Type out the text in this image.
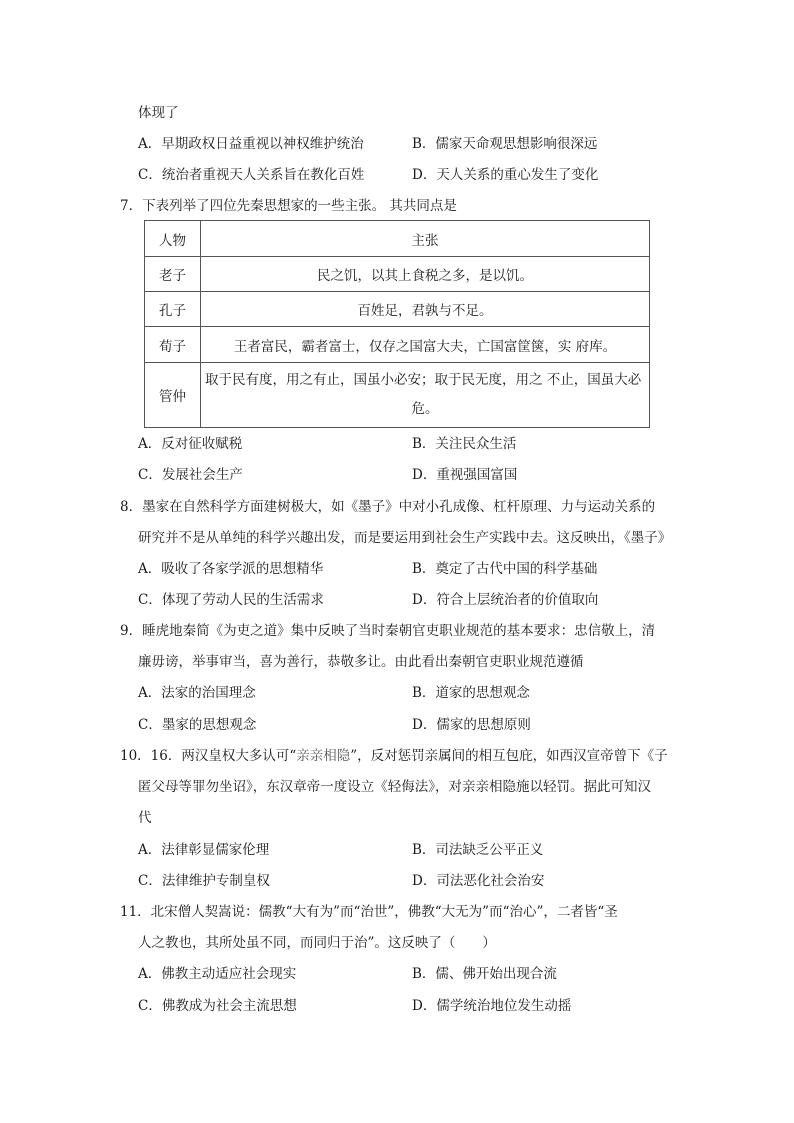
体现了
A．早期政权日益重视以神权维护统治	B．儒家天命观思想影响很深远
C．统治者重视天人关系旨在教化百姓	D．天人关系的重心发生了变化
7．下表列举了四位先秦思想家的一些主张。 其共同点是
人物	主张
老子	民之饥，以其上食税之多，是以饥。
孔子	百姓足，君孰与不足。
荀子	王者富民，霸者富士，仅存之国富大夫，亡国富筐箧，实 府库。
管仲	取于民有度，用之有止，国虽小必安；取于民无度，用之 不止，国虽大必
危。
A．反对征收赋税	B．关注民众生活
C．发展社会生产	D．重视强国富国
8．墨家在自然科学方面建树极大，如《墨子》中对小孔成像、杠杆原理、力与运动关系的
研究并不是从单纯的科学兴趣出发，而是要运用到社会生产实践中去。这反映出，《墨子》
A．吸收了各家学派的思想精华	B．奠定了古代中国的科学基础
C．体现了劳动人民的生活需求	D．符合上层统治者的价值取向
9．睡虎地秦简《为吏之道》集中反映了当时秦朝官吏职业规范的基本要求：忠信敬上，清
廉毋谤，举事审当，喜为善行，恭敬多让。由此看出秦朝官吏职业规范遵循
A．法家的治国理念	B．道家的思想观念
C．墨家的思想观念	D．儒家的思想原则
10．16．两汉皇权大多认可“亲亲相隐”，反对惩罚亲属间的相互包庇，如西汉宣帝曾下《子
匿父母等罪勿坐诏》，东汉章帝一度设立《轻侮法》，对亲亲相隐施以轻罚。据此可知汉
代
A．法律彰显儒家伦理	B．司法缺乏公平正义
C．法律维护专制皇权	D．司法恶化社会治安
11．北宋僧人契嵩说：儒教“大有为”而“治世”，佛教“大无为”而“治心”，二者皆“圣
人之教也，其所处虽不同，而同归于治”。这反映了（　　）
A．佛教主动适应社会现实	B．儒、佛开始出现合流
C．佛教成为社会主流思想	D．儒学统治地位发生动摇
